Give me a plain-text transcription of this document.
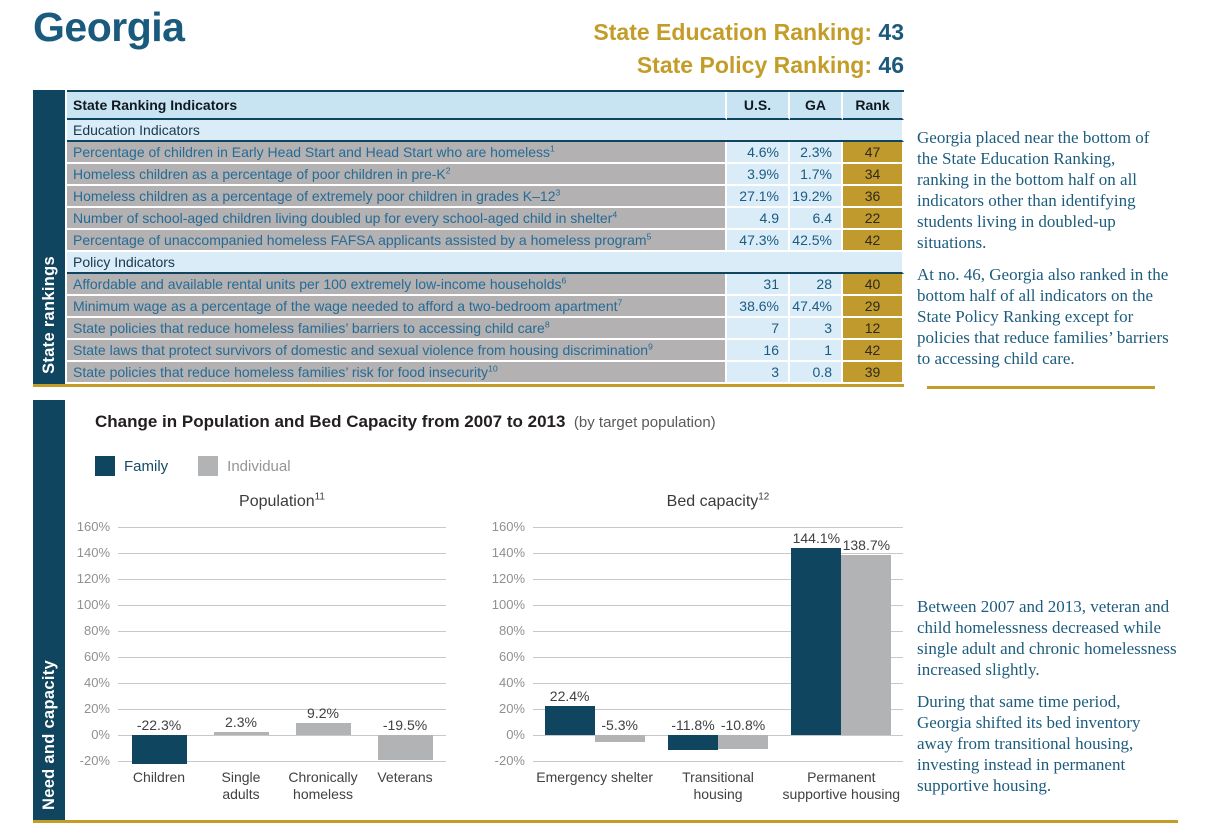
Georgia	State Education Ranking: 43
State Policy Ranking: 46
State rankings
State Ranking Indicators	U.S.	GA	Rank
Education Indicators			
Percentage of children in Early Head Start and Head Start who are homeless$^1$	4.6%	2.3%	47
Homeless children as a percentage of poor children in pre-$K^2$	3.9%	1.7%	34
Homeless children as a percentage of extremely poor children in grades $K-12^3$	27.1%	19.2%	36
Number of school-aged children living doubled up for every school-aged child in shelter$^4$	4.9	6.4	22
Percentage of unaccompanied homeless FAFSA applicants assisted by a homeless program$^5$	47.3%	42.5%	42
Policy Indicators			
Affordable and available rental units per 100 extremely low-income households$^6$	31	28	40
Minimum wage as a percentage of the wage needed to afford a two-bedroom apartment$^7$	38.6%	47.4%	29
State policies that reduce homeless families’ barriers to accessing child care$^8$	7	3	12
State laws that protect survivors of domestic and sexual violence from housing discrimination$^9$	16	1	42
State policies that reduce homeless families’ risk for food insecurity$^{10}$	3	0.8	39

Georgia placed near the bottom of the State Education Ranking, ranking in the bottom half on all indicators other than identifying students living in doubled-up situations.

At no. 46, Georgia also ranked in the bottom half of all indicators on the State Policy Ranking except for policies that reduce families’ barriers to accessing child care.

Need and capacity
Change in Population and Bed Capacity from 2007 to 2013 (by target population)
Family	Individual
Population$^{11}$
160%
140%
120%
100%
80%
60%
40%
20%
0%
-20%
-22.3%	2.3%
9.2%
-19.5%
Children	Single adults
Chronically homeless
Veterans
Bed capacity$^{12}$
160%
140%
120%
100%
80%
60%
40%
20%
0%
-20%
22.4%
-5.3% -11.8% -10.8%
144.1% 138.7%
Emergency shelter	Transitional housing
Permanent supportive housing

Between 2007 and 2013, veteran and child homelessness decreased while single adult and chronic homelessness increased slightly.

During that same time period, Georgia shifted its bed inventory away from transitional housing, investing instead in permanent supportive housing.
